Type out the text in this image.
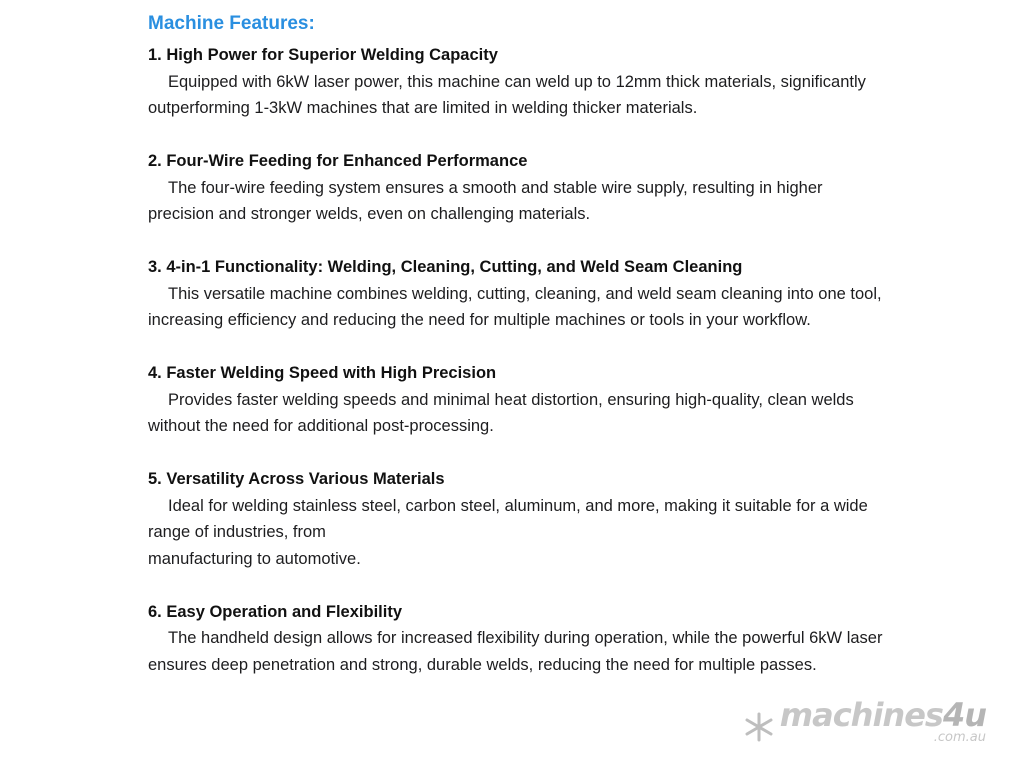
Machine Features:
1. High Power for Superior Welding Capacity
Equipped with 6kW laser power, this machine can weld up to 12mm thick materials, significantly outperforming 1-3kW machines that are limited in welding thicker materials.
2. Four-Wire Feeding for Enhanced Performance
The four-wire feeding system ensures a smooth and stable wire supply, resulting in higher precision and stronger welds, even on challenging materials.
3. 4-in-1 Functionality: Welding, Cleaning, Cutting, and Weld Seam Cleaning
This versatile machine combines welding, cutting, cleaning, and weld seam cleaning into one tool, increasing efficiency and reducing the need for multiple machines or tools in your workflow.
4. Faster Welding Speed with High Precision
Provides faster welding speeds and minimal heat distortion, ensuring high-quality, clean welds without the need for additional post-processing.
5. Versatility Across Various Materials
Ideal for welding stainless steel, carbon steel, aluminum, and more, making it suitable for a wide range of industries, from
manufacturing to automotive.
6. Easy Operation and Flexibility
The handheld design allows for increased flexibility during operation, while the powerful 6kW laser ensures deep penetration and strong, durable welds, reducing the need for multiple passes.
machines4u
.com.au
